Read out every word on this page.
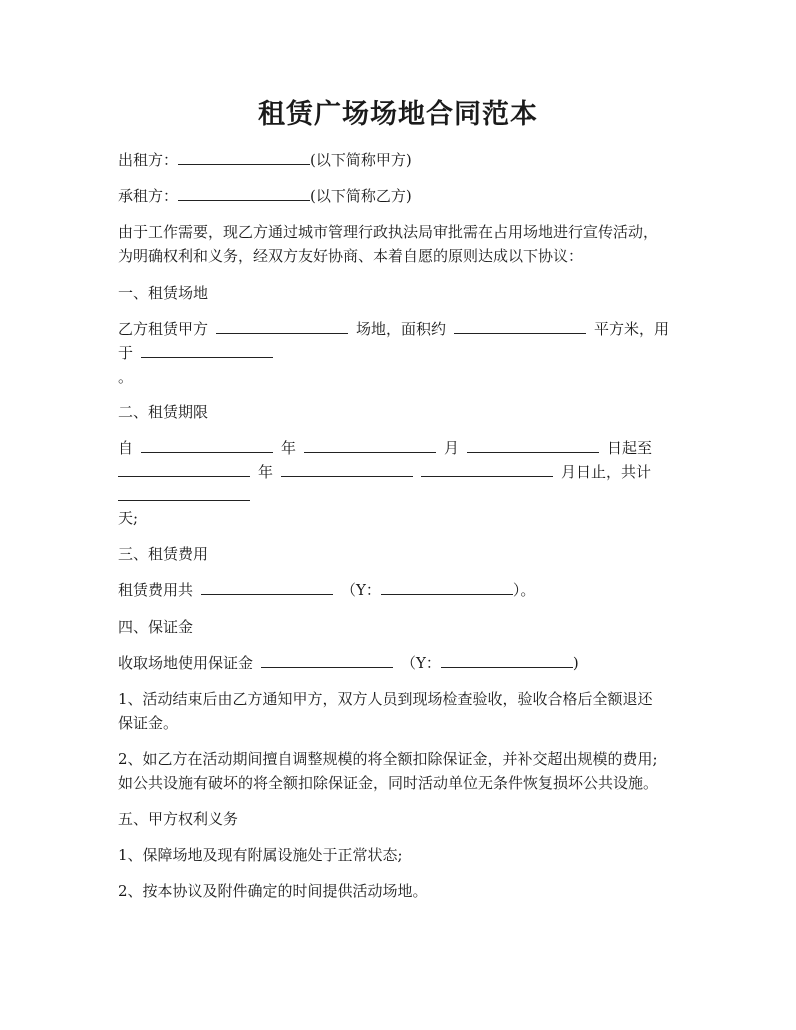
租赁广场场地合同范本
出租方：	(以下简称甲方)
承租方：	(以下简称乙方)
由于工作需要，现乙方通过城市管理行政执法局审批需在占用场地进行宣传活动，
为明确权利和义务，经双方友好协商、本着自愿的原则达成以下协议：
一、租赁场地
乙方租赁甲方	场地，面积约	平方米，用
于
。
二、租赁期限
自	年	月	日起至
年	月日止，共计
天;
三、租赁费用
租赁费用共	（Y：	）。
四、保证金
收取场地使用保证金	（Y：	)
1、活动结束后由乙方通知甲方，双方人员到现场检查验收，验收合格后全额退还
保证金。
2、如乙方在活动期间擅自调整规模的将全额扣除保证金，并补交超出规模的费用;
如公共设施有破坏的将全额扣除保证金，同时活动单位无条件恢复损坏公共设施。
五、甲方权利义务
1、保障场地及现有附属设施处于正常状态;
2、按本协议及附件确定的时间提供活动场地。
